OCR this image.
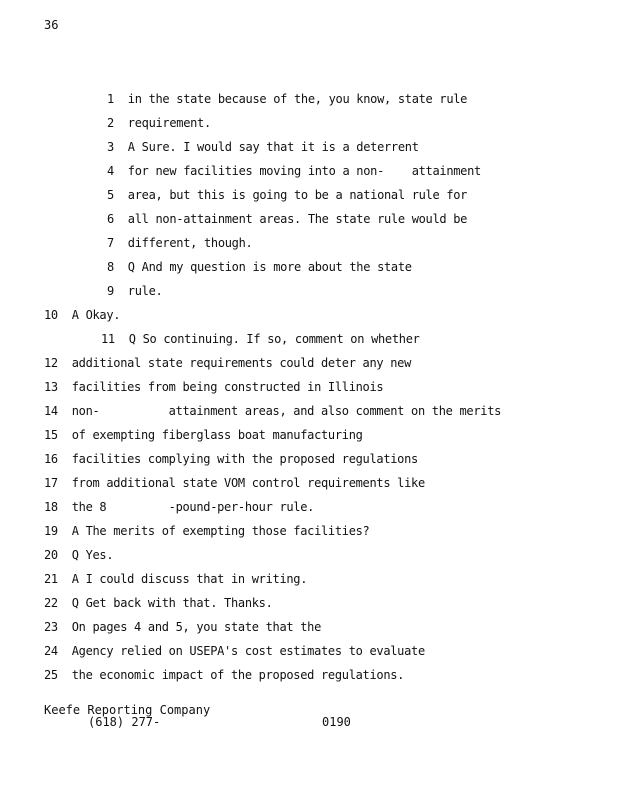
36
1 in the state because of the, you know, state rule
2 requirement.
3 A Sure. I would say that it is a deterrent
4 for new facilities moving into a non-    attainment
5 area, but this is going to be a national rule for
6 all non-attainment areas. The state rule would be
7 different, though.
8 Q And my question is more about the state
9 rule.
10 A Okay.
11 Q So continuing. If so, comment on whether
12 additional state requirements could deter any new
13 facilities from being constructed in Illinois
14 non-          attainment areas, and also comment on the merits
15 of exempting fiberglass boat manufacturing
16 facilities complying with the proposed regulations
17 from additional state VOM control requirements like
18 the 8         -pound-per-hour rule.
19 A The merits of exempting those facilities?
20 Q Yes.
21 A I could discuss that in writing.
22 Q Get back with that. Thanks.
23 On pages 4 and 5, you state that the
24 Agency relied on USEPA's cost estimates to evaluate
25 the economic impact of the proposed regulations.
Keefe Reporting Company
(618) 277-	0190
